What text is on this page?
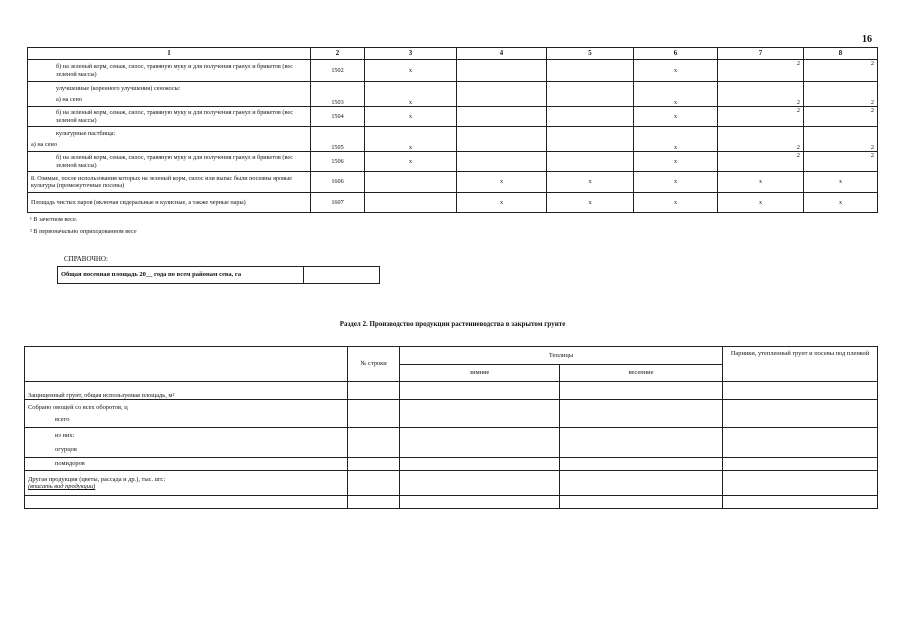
16
1	2	3	4	5	6	7	8
б) на зеленый корм, сенаж, силос, травяную муку и для получения гранул и брикетов (вес зеленой массы)	1502	x			x	2	2

улучшенные (коренного улучшения) сенокосы:
а) на сено	1503	x			x	2	2
б) на зеленый корм, сенаж, силос, травяную муку и для получения гранул и брикетов (вес зеленой массы)	1504	x			x	2	2

культурные пастбища:
а) на сено	1505	x			x	2	2
б) на зеленый корм, сенаж, силос, травяную муку и для получения гранул и брикетов (вес зеленой массы)	1506	x			x	2	2
8. Озимые, после использования которых на зеленый корм, силос или выпас были посеяны яровые культуры (промежуточные посевы)	1606		x	x	x	x	x
Площадь чистых паров (включая сидеральные и кулисные, а также черные пары)	1607		x	x	x	x	x
¹ В зачетном весе.
² В первоначально оприходованном весе
СПРАВОЧНО:
Общая посевная площадь 20__ года по всем районам сева, га	
Раздел 2. Производство продукции растениеводства в закрытом грунте
	№ строки	Теплицы		Парники, утепленный грунт и посевы под пленкой
		зимние	весенние	
Защищенный грунт, общая используемая площадь, м²				

Собрано овощей со всех оборотов, ц
всего				

из них:
огурцов				

помидоров				

Другая продукция (цветы, рассада и др.), тыс. шт.:
(вписать вид продукции)				
